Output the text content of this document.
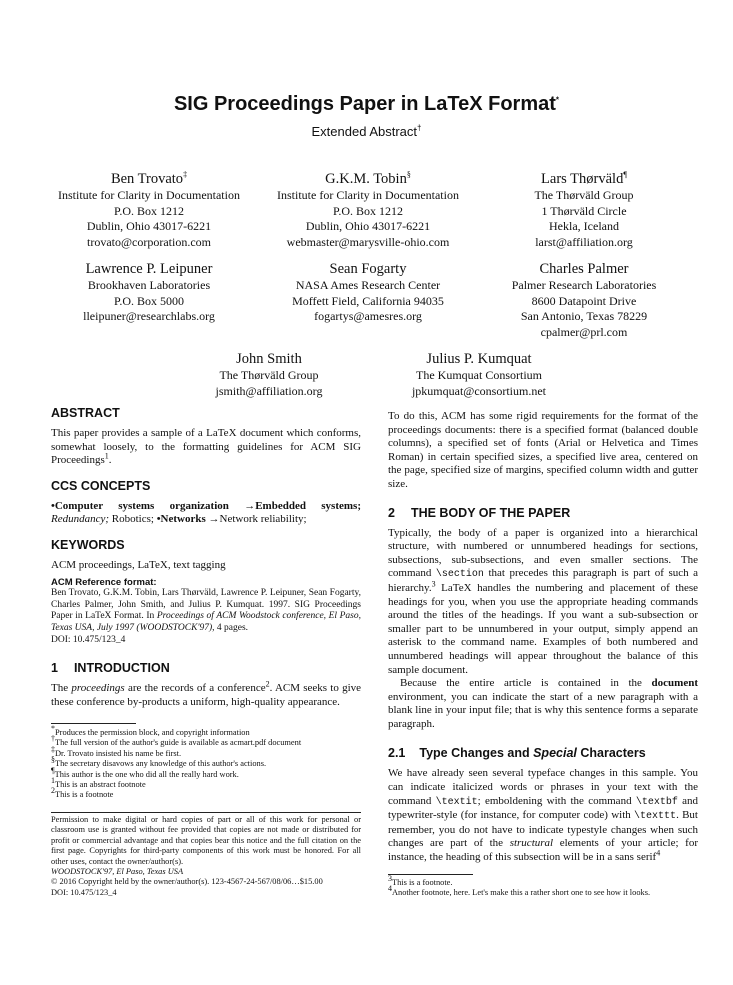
SIG Proceedings Paper in LaTeX Format*
Extended Abstract†
Ben Trovato‡
Institute for Clarity in Documentation
P.O. Box 1212
Dublin, Ohio 43017-6221
trovato@corporation.com
G.K.M. Tobin§
Institute for Clarity in Documentation
P.O. Box 1212
Dublin, Ohio 43017-6221
webmaster@marysville-ohio.com
Lars Thørväld¶
The Thørväld Group
1 Thørväld Circle
Hekla, Iceland
larst@affiliation.org
Lawrence P. Leipuner
Brookhaven Laboratories
P.O. Box 5000
lleipuner@researchlabs.org
Sean Fogarty
NASA Ames Research Center
Moffett Field, California 94035
fogartys@amesres.org
Charles Palmer
Palmer Research Laboratories
8600 Datapoint Drive
San Antonio, Texas 78229
cpalmer@prl.com
John Smith
The Thørväld Group
jsmith@affiliation.org
Julius P. Kumquat
The Kumquat Consortium
jpkumquat@consortium.net

ABSTRACT

This paper provides a sample of a LaTeX document which conforms, somewhat loosely, to the formatting guidelines for ACM SIG Proceedings$^1$.

CCS CONCEPTS

•Computer systems organization →Embedded systems; Redundancy; Robotics; •Networks →Network reliability;

KEYWORDS

ACM proceedings, LaTeX, text tagging

ACM Reference format:

Ben Trovato, G.K.M. Tobin, Lars Thørväld, Lawrence P. Leipuner, Sean Fogarty, Charles Palmer, John Smith, and Julius P. Kumquat. 1997. SIG Proceedings Paper in LaTeX Format. In Proceedings of ACM Woodstock conference, El Paso, Texas USA, July 1997 (WOODSTOCK'97), 4 pages.

DOI: 10.475/123_4

1 INTRODUCTION

The proceedings are the records of a conference$^2$. ACM seeks to give these conference by-products a uniform, high-quality appearance.

*Produces the permission block, and copyright information
†The full version of the author's guide is available as acmart.pdf document
‡Dr. Trovato insisted his name be first.
§The secretary disavows any knowledge of this author's actions.
¶This author is the one who did all the really hard work.
$^1$This is an abstract footnote
$^2$This is a footnote

Permission to make digital or hard copies of part or all of this work for personal or classroom use is granted without fee provided that copies are not made or distributed for profit or commercial advantage and that copies bear this notice and the full citation on the first page. Copyrights for third-party components of this work must be honored. For all other uses, contact the owner/author(s).

WOODSTOCK'97, El Paso, Texas USA

© 2016 Copyright held by the owner/author(s). 123-4567-24-567/08/06…$15.00

DOI: 10.475/123_4

To do this, ACM has some rigid requirements for the format of the proceedings documents: there is a specified format (balanced double columns), a specified set of fonts (Arial or Helvetica and Times Roman) in certain specified sizes, a specified live area, centered on the page, specified size of margins, specified column width and gutter size.

2 THE BODY OF THE PAPER

Typically, the body of a paper is organized into a hierarchical structure, with numbered or unnumbered headings for sections, subsections, sub-subsections, and even smaller sections. The command \section that precedes this paragraph is part of such a hierarchy.$^3$ LaTeX handles the numbering and placement of these headings for you, when you use the appropriate heading commands around the titles of the headings. If you want a sub-subsection or smaller part to be unnumbered in your output, simply append an asterisk to the command name. Examples of both numbered and unnumbered headings will appear throughout the balance of this sample document.

Because the entire article is contained in the document environment, you can indicate the start of a new paragraph with a blank line in your input file; that is why this sentence forms a separate paragraph.

2.1 Type Changes and Special Characters

We have already seen several typeface changes in this sample. You can indicate italicized words or phrases in your text with the command \textit; emboldening with the command \textbf and typewriter-style (for instance, for computer code) with \texttt. But remember, you do not have to indicate typestyle changes when such changes are part of the structural elements of your article; for instance, the heading of this subsection will be in a sans serif$^4$

$^3$This is a footnote.
$^4$Another footnote, here. Let's make this a rather short one to see how it looks.
